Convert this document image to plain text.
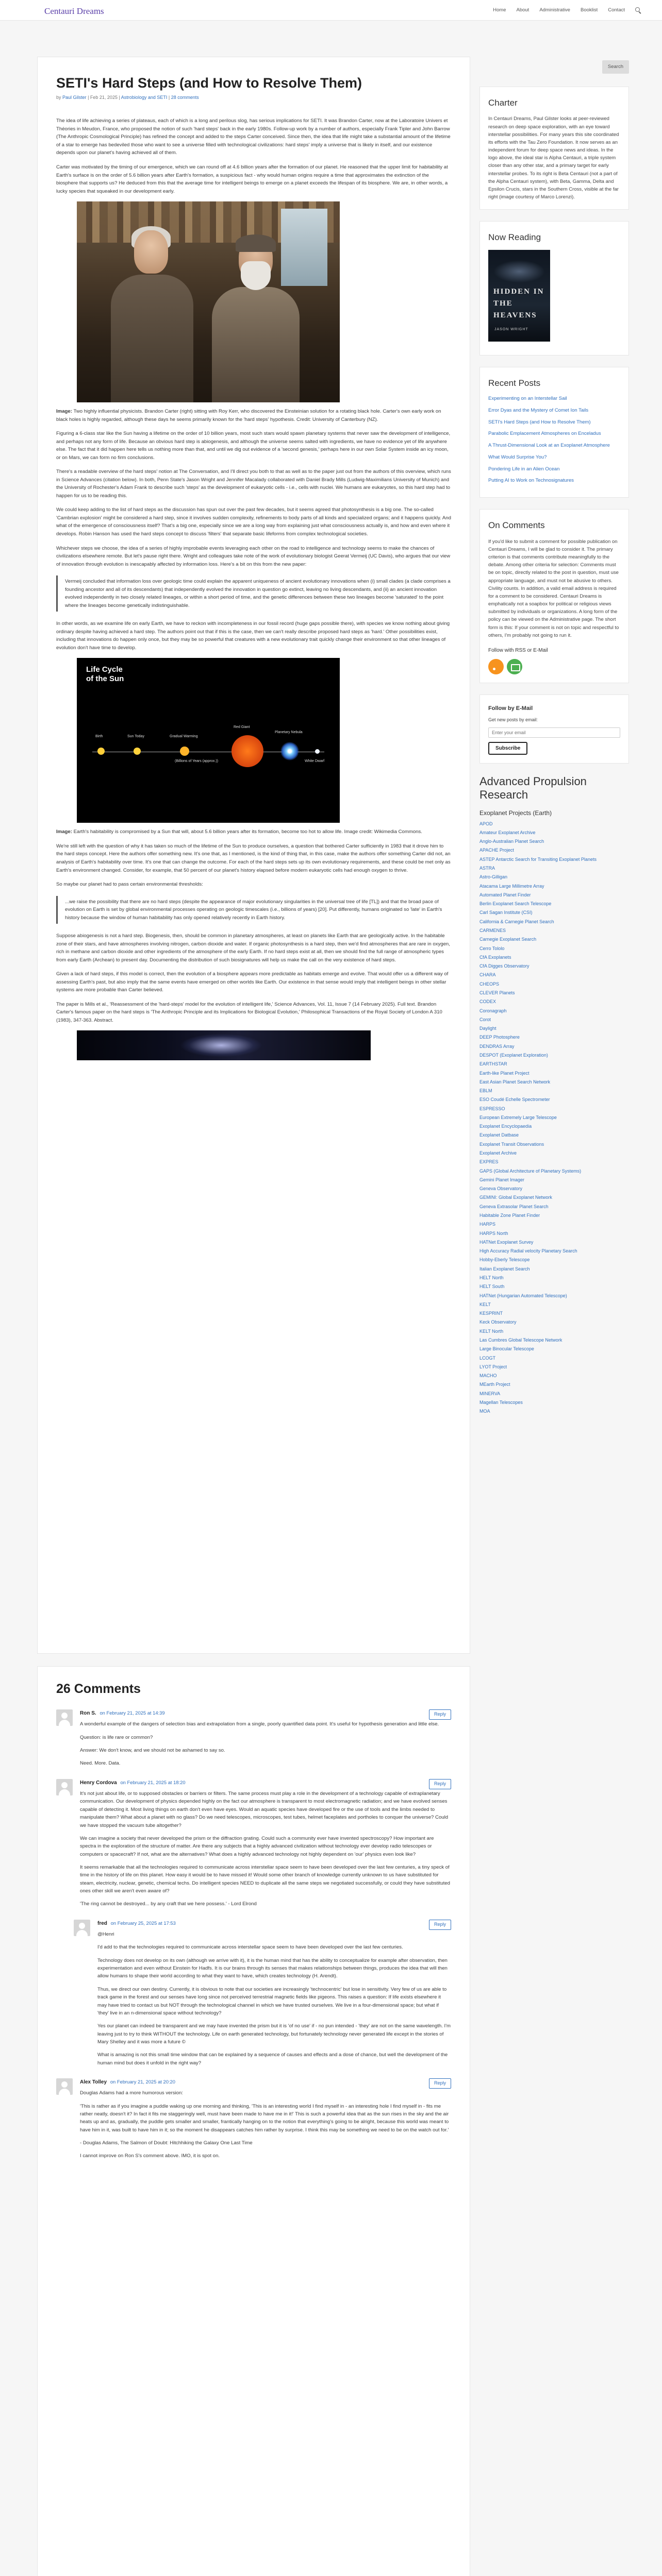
Centauri Dreams	Home About Administrative Booklist Contact
SETI's Hard Steps (and How to Resolve Them)
by Paul Gilster | Feb 21, 2025 | Astrobiology and SETI | 28 comments

The idea of life achieving a series of plateaus, each of which is a long and perilous slog, has serious implications for SETI. It was Brandon Carter, now at the Laboratoire Univers et Théories in Meudon, France, who proposed the notion of such 'hard steps' back in the early 1980s. Follow-up work by a number of authors, especially Frank Tipler and John Barrow (The Anthropic Cosmological Principle) has refined the concept and added to the steps Carter conceived. Since then, the idea that life might take a substantial amount of the lifetime of a star to emerge has bedeviled those who want to see a universe filled with technological civilizations: hard steps' imply a universe that is likely in itself, and our existence depends upon our planet's having achieved all of them.

Carter was motivated by the timing of our emergence, which we can round off at 4.6 billion years after the formation of our planet. He reasoned that the upper limit for habitability at Earth's surface is on the order of 5.6 billion years after Earth's formation, a suspicious fact - why would human origins require a time that approximates the extinction of the biosphere that supports us? He deduced from this that the average time for intelligent beings to emerge on a planet exceeds the lifespan of its biosphere. We are, in other words, a lucky species that squeaked in our development early.

Image: Two highly influential physicists. Brandon Carter (right) sitting with Roy Kerr, who discovered the Einsteinian solution for a rotating black hole. Carter's own early work on black holes is highly regarded, although these days he seems primarily known for the 'hard steps' hypothesis. Credit: University of Canterbury (NZ).

Figuring a 6-class star like the Sun having a lifetime on the order of 10 billion years, most such stars would spawn planetary systems that never saw the development of intelligence, and perhaps not any form of life. Because an obvious hard step is abiogenesis, and although the universe seems salted with ingredients, we have no evidence yet of life anywhere else. The fact that it did happen here tells us nothing more than that, and until we dig out evidence of a 'second genesis,' perhaps here in our own Solar System inside an icy moon, or on Mars, we can form no firm conclusions.

There's a readable overview of the hard steps' notion at The Conversation, and I'll direct you both to that as well as to the paper just out from the authors of this overview, which runs in Science Advances (citation below). In both, Penn State's Jason Wright and Jennifer Macalady collaborated with Daniel Brady Mills (Ludwig-Maximilians University of Munich) and the University of Rochester's Adam Frank to describe such 'steps' as the development of eukaryotic cells - i.e., cells with nuclei. We humans are eukaryotes, so this hard step had to happen for us to be reading this.

We could keep adding to the list of hard steps as the discussion has spun out over the past few decades, but it seems agreed that photosynthesis is a big one. The so-called 'Cambrian explosion' might be considered a hard step, since it involves sudden complexity, refinements to body parts of all kinds and specialized organs; and it happens quickly. And what of the emergence of consciousness itself? That's a big one, especially since we are a long way from explaining just what consciousness actually is, and how and even where it develops. Robin Hanson has used the hard steps concept to discuss 'filters' that separate basic lifeforms from complex technological societies.

Whichever steps we choose, the idea of a series of highly improbable events leveraging each other on the road to intelligence and technology seems to make the chances of civilizations elsewhere remote. But let's pause right there. Wright and colleagues take note of the work of evolutionary biologist Geerat Vermeij (UC Davis), who argues that our view of innovation through evolution is inescapably affected by information loss. Here's a bit on this from the new paper:

Vermeij concluded that information loss over geologic time could explain the apparent uniqueness of ancient evolutionary innovations when (i) small clades (a clade comprises a founding ancestor and all of its descendants) that independently evolved the innovation in question go extinct, leaving no living descendants, and (ii) an ancient innovation evolved independently in two closely related lineages, or within a short period of time, and the genetic differences between these two lineages become 'saturated' to the point where the lineages become genetically indistinguishable.

In other words, as we examine life on early Earth, we have to reckon with incompleteness in our fossil record (huge gaps possible there), with species we know nothing about giving ordinary despite having achieved a hard step. The authors point out that if this is the case, then we can't really describe proposed hard steps as 'hard.' Other possibilities exist, including that innovations do happen only once, but they may be so powerful that creatures with a new evolutionary trait quickly change their environment so that other lineages of evolution don't have time to develop.

Life Cycle
of the Sun
Birth	Sun Today	Gradual Warming
Red Giant
Planetary Nebula
White Dwarf
(Billions of Years (approx.))

Image: Earth's habitability is compromised by a Sun that will, about 5.6 billion years after its formation, become too hot to allow life. Image credit: Wikimedia Commons.

We're still left with the question of why it has taken so much of the lifetime of the Sun to produce ourselves, a question that bothered Carter sufficiently in 1983 that it drove him to the hard steps concept. Here the authors offer something new. It's one that, as I mentioned, is the kind of thing that, in this case, make the authors offer something Carter did not, an analysis of Earth's habitability over time. It's one that can change the outcome. For each of the hard steps sets up its own evolutionary requirements, and these could be met only as Earth's environment changed. Consider, for example, that 50 percent of our planet's history elapsed before modern eukaryotic cells had enough oxygen to thrive.

So maybe our planet had to pass certain environmental thresholds:

...we raise the possibility that there are no hard steps (despite the appearance of major evolutionary singularities in the universal tree of life [TL]) and that the broad pace of evolution on Earth is set by global environmental processes operating on geologic timescales (i.e., billions of years) [20]. Put differently, humans originated so 'late' in Earth's history because the window of human habitability has only opened relatively recently in Earth history.

Suppose abiogenesis is not a hard step. Biogenesis, then, should be common in planetary atmospheres, at least on planets like Earth that are geologically active. In the habitable zone of their stars, and have atmospheres involving nitrogen, carbon dioxide and water. If organic photosynthesis is a hard step, then we'd find atmospheres that are rare in oxygen, rich in methane and carbon dioxide and other ingredients of the atmosphere of the early Earth. If no hard steps exist at all, then we should find the full range of atmospheric types from early Earth (Archean) to present day. Documenting the distribution of such biosignatures will help us make the call on the very existence of hard steps.

Given a lack of hard steps, if this model is correct, then the evolution of a biosphere appears more predictable as habitats emerge and evolve. That would offer us a different way of assessing Earth's past, but also imply that the same events have emerged on other worlds like Earth. Our existence in that sense would imply that intelligent beings in other stellar systems are more probable than Carter believed.

The paper is Mills et al., 'Reassessment of the 'hard-steps' model for the evolution of intelligent life,' Science Advances, Vol. 11, Issue 7 (14 February 2025). Full text. Brandon Carter's famous paper on the hard steps is 'The Anthropic Principle and its Implications for Biological Evolution,' Philosophical Transactions of the Royal Society of London A 310 (1983), 347-363. Abstract.

26 Comments
Ron S. on February 21, 2025 at 14:39	Reply

A wonderful example of the dangers of selection bias and extrapolation from a single, poorly quantified data point. It's useful for hypothesis generation and little else.

Question: is life rare or common?

Answer: We don't know, and we should not be ashamed to say so.

Need. More. Data.

Henry Cordova on February 21, 2025 at 18:20	Reply

It's not just about life, or to supposed obstacles or barriers or filters. The same process must play a role in the development of a technology capable of extraplanetary communication. Our development of physics depended highly on the fact our atmosphere is transparent to most electromagnetic radiation; and we have evolved senses capable of detecting it. Most living things on earth don't even have eyes. Would an aquatic species have developed fire or the use of tools and the limbs needed to manipulate them? What about a planet with no glass? Do we need telescopes, microscopes, test tubes, helmet faceplates and portholes to conquer the universe? Could we have stopped the vacuum tube altogether?

We can imagine a society that never developed the prism or the diffraction grating. Could such a community ever have invented spectroscopy? How important are spectra in the exploration of the structure of matter. Are there any subjects that a highly advanced civilization without technology ever develop radio telescopes or computers or spacecraft? If not, what are the alternatives? What does a highly advanced technology not highly dependent on 'our' physics even look like?

It seems remarkable that all the technologies required to communicate across interstellar space seem to have been developed over the last few centuries, a tiny speck of time in the history of life on this planet. How easy it would be to have missed it! Would some other branch of knowledge currently unknown to us have substituted for steam, electricity, nuclear, genetic, chemical techs. Do intelligent species NEED to duplicate all the same steps we negotiated successfully, or could they have substituted ones other skill we aren't even aware of?

'The ring cannot be destroyed... by any craft that we here possess.' - Lord Elrond

fred on February 25, 2025 at 17:53	Reply

@Henri

I'd add to that the technologies required to communicate across interstellar space seem to have been developed over the last few centuries.

Technology does not develop on its own (although we arrive with it), it is the human mind that has the ability to conceptualize for example after observation, then experimentation and even without Einstein for Hadfs. It is our brains through its senses that makes relationships between things, produces the idea that will then allow humans to shape their world according to what they want to have, which creates technology (H. Arendt).

Thus, we direct our own destiny. Currently, it is obvious to note that our societies are increasingly 'technocentric' but lose in sensitivity. Very few of us are able to track game in the forest and our senses have long since not perceived terrestrial magnetic fields like pigeons. This raises a question: If life exists elsewhere it may have tried to contact us but NOT through the technological channel in which we have trusted ourselves. We live in a four-dimensional space; but what if 'they' live in an n-dimensional space without technology?

Yes our planet can indeed be transparent and we may have invented the prism but it is 'of no use' if - no pun intended - 'they' are not on the same wavelength. I'm leaving just to try to think WITHOUT the technology. Life on earth generated technology, but fortunately technology never generated life except in the stories of Mary Shelley and it was more a future ©

What is amazing is not this small time window that can be explained by a sequence of causes and effects and a dose of chance, but well the development of the human mind but does it unfold in the right way?

Alex Tolley on February 21, 2025 at 20:20	Reply

Douglas Adams had a more humorous version:

'This is rather as if you imagine a puddle waking up one morning and thinking, 'This is an interesting world I find myself in - an interesting hole I find myself in - fits me rather neatly, doesn't it? In fact it fits me staggeringly well, must have been made to have me in it!' This is such a powerful idea that as the sun rises in the sky and the air heats up and as, gradually, the puddle gets smaller and smaller, frantically hanging on to the notion that everything's going to be alright, because this world was meant to have him in it, was built to have him in it; so the moment he disappears catches him rather by surprise. I think this may be something we need to be on the watch out for.'

- Douglas Adams, The Salmon of Doubt: Hitchhiking the Galaxy One Last Time

I cannot improve on Ron S's comment above. IMO, it is spot on.

Search
Charter

In Centauri Dreams, Paul Gilster looks at peer-reviewed research on deep space exploration, with an eye toward interstellar possibilities. For many years this site coordinated its efforts with the Tau Zero Foundation. It now serves as an independent forum for deep space news and ideas. In the logo above, the ideal star is Alpha Centauri, a triple system closer than any other star, and a primary target for early interstellar probes. To its right is Beta Centauri (not a part of the Alpha Centauri system), with Beta, Gamma, Delta and Epsilon Crucis, stars in the Southern Cross, visible at the far right (image courtesy of Marco Lorenzi).

Now Reading
HIDDEN IN THE HEAVENS
JASON WRIGHT
Recent Posts
Experimenting on an Interstellar Sail
Error Dyas and the Mystery of Comet Ion Tails
SETI's Hard Steps (and How to Resolve Them)
Parabolic Emplacement Atmospheres on Enceladus
A Thrust-Dimensional Look at an Exoplanet Atmosphere
What Would Surprise You?
Pondering Life in an Alien Ocean
Putting AI to Work on Technosignatures
On Comments

If you'd like to submit a comment for possible publication on Centauri Dreams, I will be glad to consider it. The primary criterion is that comments contribute meaningfully to the debate. Among other criteria for selection: Comments must be on topic, directly related to the post in question, must use appropriate language, and must not be abusive to others. Civility counts. In addition, a valid email address is required for a comment to be considered. Centauri Dreams is emphatically not a soapbox for political or religious views submitted by individuals or organizations. A long form of the policy can be viewed on the Administrative page. The short form is this: If your comment is not on topic and respectful to others, I'm probably not going to run it.

Follow with RSS or E-Mail
Follow by E-Mail

Get new posts by email:

Enter your email Subscribe
Advanced Propulsion Research
Exoplanet Projects (Earth)
APOD
Amateur Exoplanet Archive
Anglo-Australian Planet Search
APACHE Project
ASTEP Antarctic Search for Transiting Exoplanet Planets
ASTRA
Astro-Gilligan
Atacama Large Millimetre Array
Automated Planet Finder
Berlin Exoplanet Search Telescope
Carl Sagan Institute (CSI)
California & Carnegie Planet Search
CARMENES
Carnegie Exoplanet Search
Cerro Tololo
CfA Exoplanets
CfA Digges Observatory
CHARA
CHEOPS
CLEVER Planets
CODEX
Coronagraph
Corot
Daylight
DEEP Photosphere
DENDRAS Array
DESPOT (Exoplanet Exploration)
EARTHSTAR
Earth-like Planet Project
East Asian Planet Search Network
EBLM
ESO Coudé Echelle Spectrometer
ESPRESSO
European Extremely Large Telescope
Exoplanet Encyclopaedia
Exoplanet Datbase
Exoplanet Transit Observations
Exoplanet Archive
EXPRES
GAPS (Global Architecture of Planetary Systems)
Gemini Planet Imager
Geneva Observatory
GEMINI: Global Exoplanet Network
Geneva Extrasolar Planet Search
Habitable Zone Planet Finder
HARPS
HARPS North
HATNet Exoplanet Survey
High Accuracy Radial velocity Planetary Search
Hobby-Eberly Telescope
Italian Exoplanet Search
HELT North
HELT South
HATNet (Hungarian Automated Telescope)
KELT
KESPRINT
Keck Observatory
KELT North
Las Cumbres Global Telescope Network
Large Binocular Telescope
LCOGT
LYOT Project
MACHO
MEarth Project
MINERVA
Magellan Telescopes
MOA
